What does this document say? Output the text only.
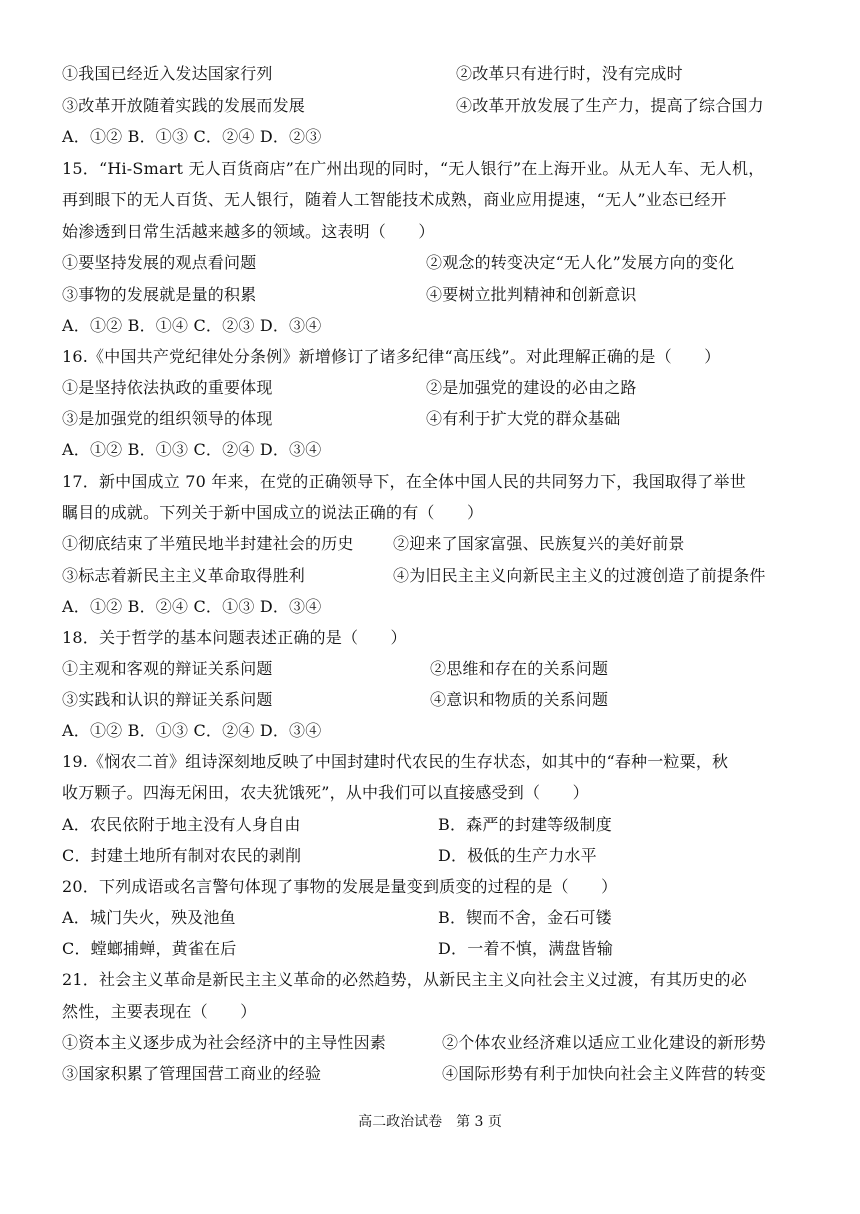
①我国已经近入发达国家行列	②改革只有进行时，没有完成时
③改革开放随着实践的发展而发展	④改革开放发展了生产力，提高了综合国力
A．①② B．①③ C．②④ D．②③
15．“Hi-Smart 无人百货商店”在广州出现的同时，“无人银行”在上海开业。从无人车、无人机，
再到眼下的无人百货、无人银行，随着人工智能技术成熟，商业应用提速，“无人”业态已经开
始渗透到日常生活越来越多的领域。这表明（　　）
①要坚持发展的观点看问题	②观念的转变决定“无人化”发展方向的变化
③事物的发展就是量的积累	④要树立批判精神和创新意识
A．①② B．①④ C．②③ D．③④
16.《中国共产党纪律处分条例》新增修订了诸多纪律“高压线”。对此理解正确的是（　　）
①是坚持依法执政的重要体现	②是加强党的建设的必由之路
③是加强党的组织领导的体现	④有利于扩大党的群众基础
A．①② B．①③ C．②④ D．③④
17．新中国成立 70 年来，在党的正确领导下，在全体中国人民的共同努力下，我国取得了举世
瞩目的成就。下列关于新中国成立的说法正确的有（　　）
①彻底结束了半殖民地半封建社会的历史 ②迎来了国家富强、民族复兴的美好前景
③标志着新民主主义革命取得胜利	④为旧民主主义向新民主主义的过渡创造了前提条件
A．①② B．②④ C．①③ D．③④
18．关于哲学的基本问题表述正确的是（　　）
①主观和客观的辩证关系问题	②思维和存在的关系问题
③实践和认识的辩证关系问题	④意识和物质的关系问题
A．①② B．①③ C．②④ D．③④
19.《悯农二首》组诗深刻地反映了中国封建时代农民的生存状态，如其中的“春种一粒粟，秋
收万颗子。四海无闲田，农夫犹饿死”，从中我们可以直接感受到（　　）
A．农民依附于地主没有人身自由	B．森严的封建等级制度
C．封建土地所有制对农民的剥削	D．极低的生产力水平
20．下列成语或名言警句体现了事物的发展是量变到质变的过程的是（　　）
A．城门失火，殃及池鱼	B．锲而不舍，金石可镂
C．螳螂捕蝉，黄雀在后	D．一着不慎，满盘皆输
21．社会主义革命是新民主主义革命的必然趋势，从新民主主义向社会主义过渡，有其历史的必
然性，主要表现在（　　）
①资本主义逐步成为社会经济中的主导性因素	②个体农业经济难以适应工业化建设的新形势
③国家积累了管理国营工商业的经验	④国际形势有利于加快向社会主义阵营的转变
高二政治试卷　第 3 页
